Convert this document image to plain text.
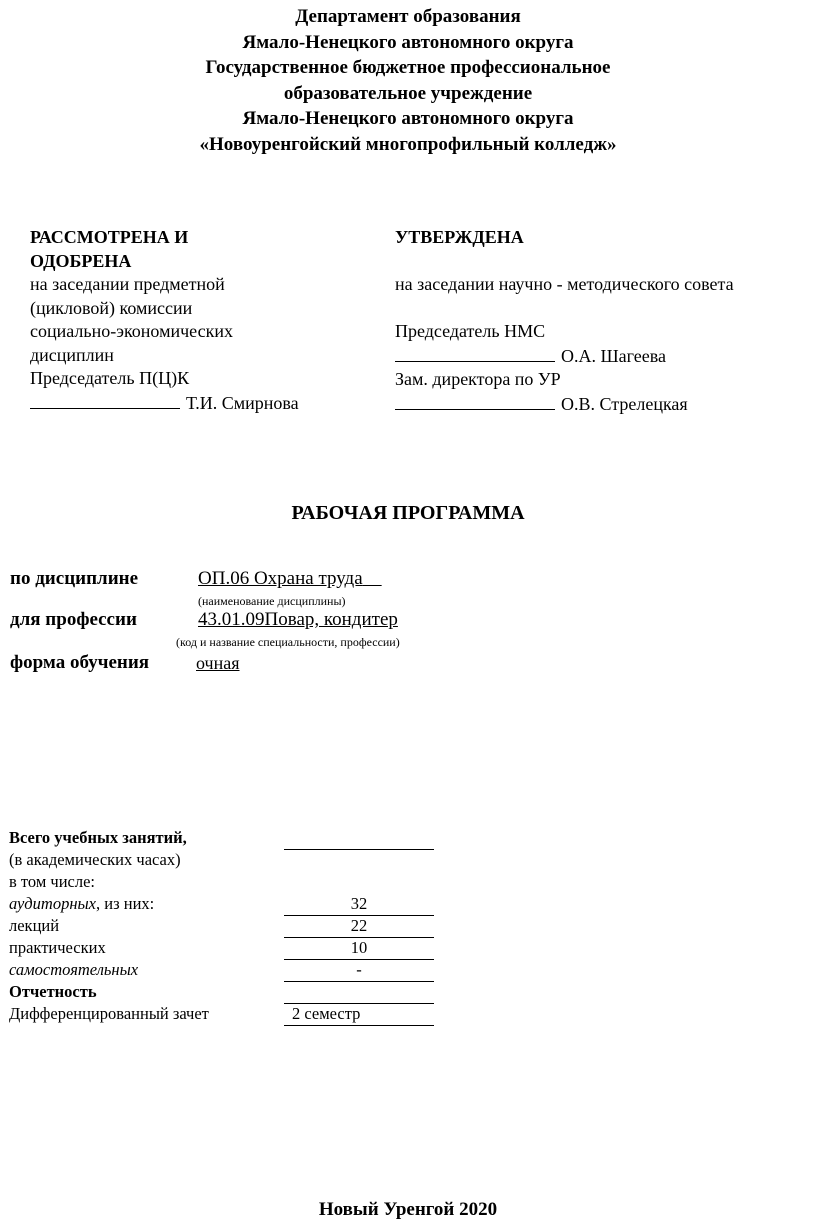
Департамент образования
Ямало-Ненецкого автономного округа
Государственное бюджетное профессиональное
образовательное учреждение
Ямало-Ненецкого автономного округа
«Новоуренгойский многопрофильный колледж»
РАССМОТРЕНА И
ОДОБРЕНА
на заседании предметной
(цикловой) комиссии
социально-экономических
дисциплин
Председатель П(Ц)К
Т.И. Смирнова
УТВЕРЖДЕНА
на заседании научно - методического совета
Председатель НМС
О.А. Шагеева
Зам. директора по УР
О.В. Стрелецкая
РАБОЧАЯ ПРОГРАММА
по дисциплине	ОП.06 Охрана труда
(наименование дисциплины)
для профессии	43.01.09Повар, кондитер
(код и название специальности, профессии)
форма обучения	очная
Всего учебных занятий,
(в академических часах)
в том числе:
аудиторных, из них:	32
лекций	22
практических	10
самостоятельных	-
Отчетность
Дифференцированный зачет	2 семестр
Новый Уренгой 2020
